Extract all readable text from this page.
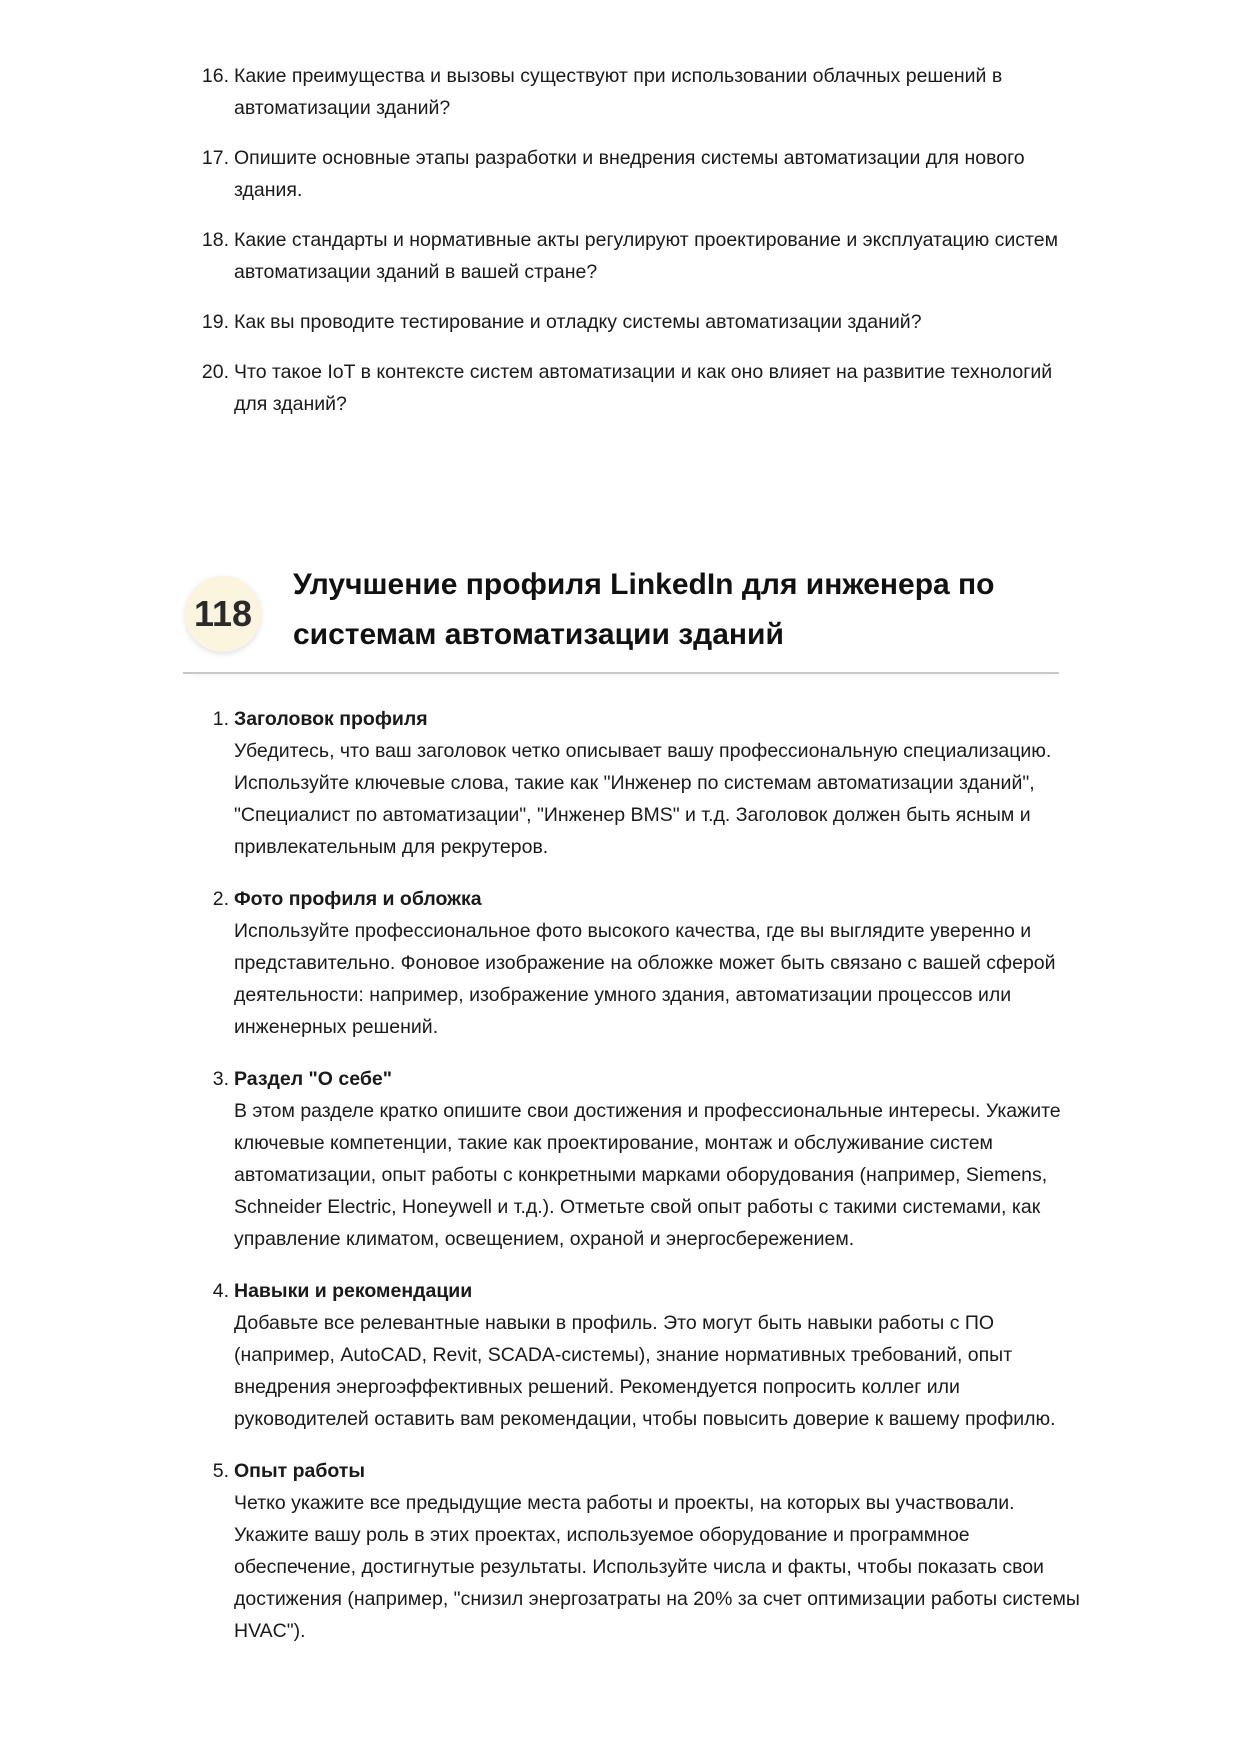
16. Какие преимущества и вызовы существуют при использовании облачных решений в автоматизации зданий?
17. Опишите основные этапы разработки и внедрения системы автоматизации для нового здания.
18. Какие стандарты и нормативные акты регулируют проектирование и эксплуатацию систем автоматизации зданий в вашей стране?
19. Как вы проводите тестирование и отладку системы автоматизации зданий?
20. Что такое IoT в контексте систем автоматизации и как оно влияет на развитие технологий для зданий?
118
Улучшение профиля LinkedIn для инженера по системам автоматизации зданий
1. Заголовок профиля
Убедитесь, что ваш заголовок четко описывает вашу профессиональную специализацию. Используйте ключевые слова, такие как "Инженер по системам автоматизации зданий", "Специалист по автоматизации", "Инженер BMS" и т.д. Заголовок должен быть ясным и привлекательным для рекрутеров.
2. Фото профиля и обложка
Используйте профессиональное фото высокого качества, где вы выглядите уверенно и представительно. Фоновое изображение на обложке может быть связано с вашей сферой деятельности: например, изображение умного здания, автоматизации процессов или инженерных решений.
3. Раздел "О себе"
В этом разделе кратко опишите свои достижения и профессиональные интересы. Укажите ключевые компетенции, такие как проектирование, монтаж и обслуживание систем автоматизации, опыт работы с конкретными марками оборудования (например, Siemens, Schneider Electric, Honeywell и т.д.). Отметьте свой опыт работы с такими системами, как управление климатом, освещением, охраной и энергосбережением.
4. Навыки и рекомендации
Добавьте все релевантные навыки в профиль. Это могут быть навыки работы с ПО (например, AutoCAD, Revit, SCADA-системы), знание нормативных требований, опыт внедрения энергоэффективных решений. Рекомендуется попросить коллег или руководителей оставить вам рекомендации, чтобы повысить доверие к вашему профилю.
5. Опыт работы
Четко укажите все предыдущие места работы и проекты, на которых вы участвовали. Укажите вашу роль в этих проектах, используемое оборудование и программное обеспечение, достигнутые результаты. Используйте числа и факты, чтобы показать свои достижения (например, "снизил энергозатраты на 20% за счет оптимизации работы системы HVAC").
